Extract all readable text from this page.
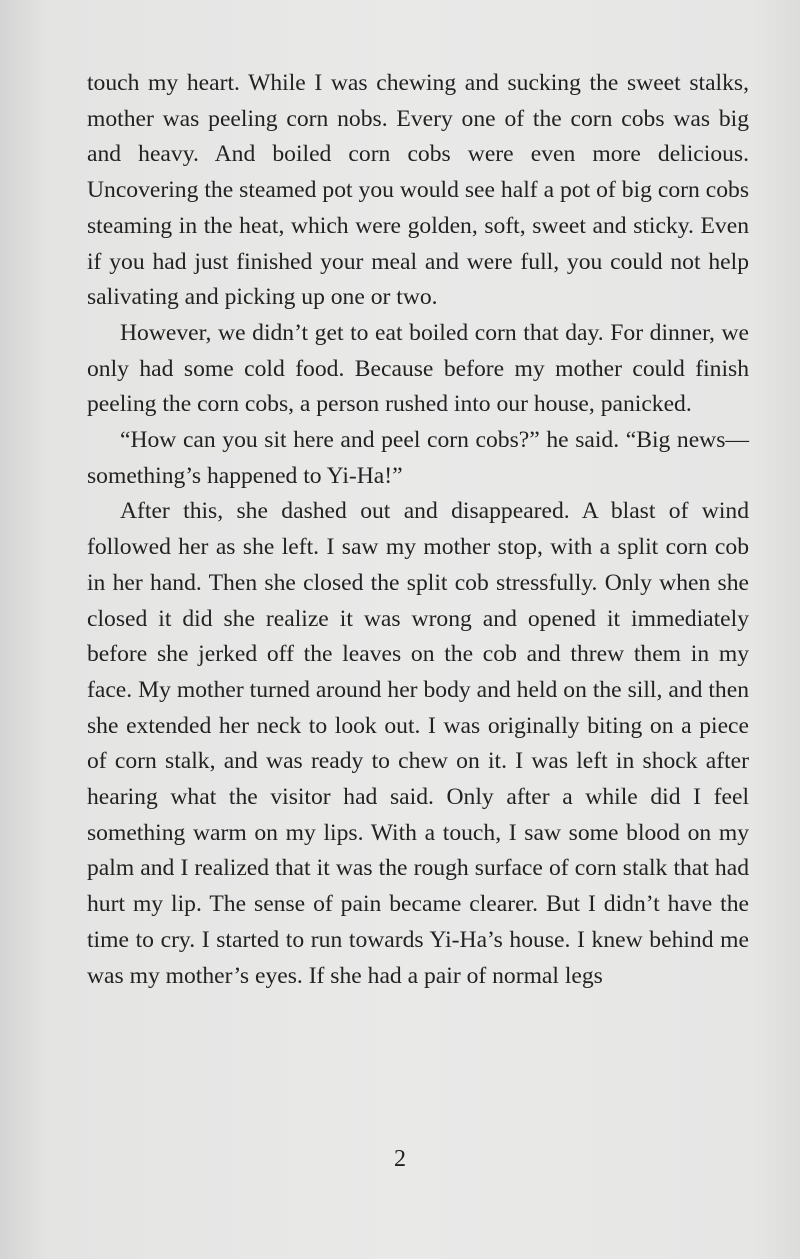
touch my heart. While I was chewing and sucking the sweet stalks, mother was peeling corn nobs. Every one of the corn cobs was big and heavy. And boiled corn cobs were even more delicious. Uncovering the steamed pot you would see half a pot of big corn cobs steaming in the heat, which were golden, soft, sweet and sticky. Even if you had just finished your meal and were full, you could not help salivating and picking up one or two.

However, we didn’t get to eat boiled corn that day. For dinner, we only had some cold food. Because before my mother could finish peeling the corn cobs, a person rushed into our house, panicked.

“How can you sit here and peel corn cobs?” he said. “Big news—something’s happened to Yi-Ha!”

After this, she dashed out and disappeared. A blast of wind followed her as she left. I saw my mother stop, with a split corn cob in her hand. Then she closed the split cob stressfully. Only when she closed it did she realize it was wrong and opened it immediately before she jerked off the leaves on the cob and threw them in my face. My mother turned around her body and held on the sill, and then she extended her neck to look out. I was originally biting on a piece of corn stalk, and was ready to chew on it. I was left in shock after hearing what the visitor had said. Only after a while did I feel something warm on my lips. With a touch, I saw some blood on my palm and I realized that it was the rough surface of corn stalk that had hurt my lip. The sense of pain became clearer. But I didn’t have the time to cry. I started to run towards Yi-Ha’s house. I knew behind me was my mother’s eyes. If she had a pair of normal legs

2
